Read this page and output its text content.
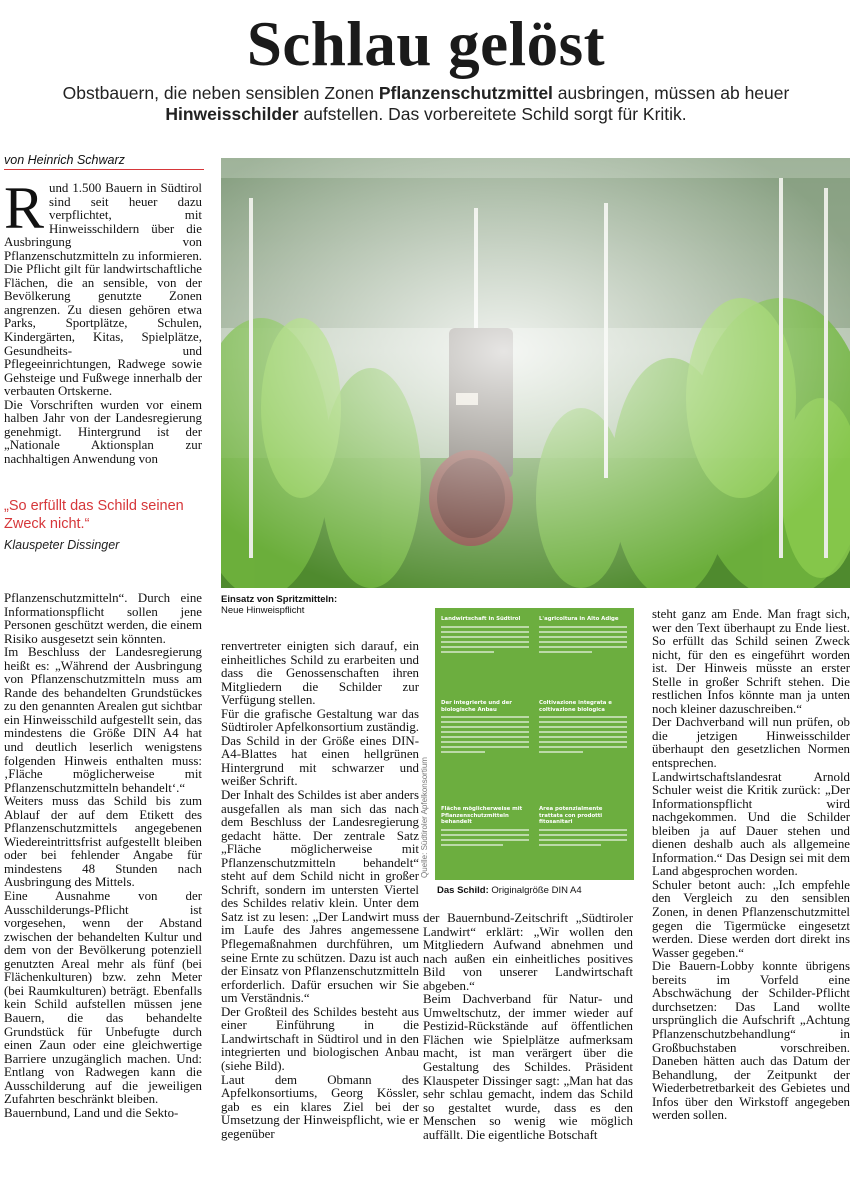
Schlau gelöst
Obstbauern, die neben sensiblen Zonen Pflanzenschutzmittel ausbringen, müssen ab heuer Hinweisschilder aufstellen. Das vorbereitete Schild sorgt für Kritik.
von Heinrich Schwarz

Rund 1.500 Bauern in Südtirol sind seit heuer dazu verpflichtet, mit Hinweisschildern über die Ausbringung von Pflanzenschutzmitteln zu informieren. Die Pflicht gilt für landwirtschaftliche Flächen, die an sensible, von der Bevölkerung genutzte Zonen angrenzen. Zu diesen gehören etwa Parks, Sportplätze, Schulen, Kindergärten, Kitas, Spielplätze, Gesundheits- und Pflegeeinrichtungen, Radwege sowie Gehsteige und Fußwege innerhalb der verbauten Ortskerne.

Die Vorschriften wurden vor einem halben Jahr von der Landesregierung genehmigt. Hintergrund ist der „Nationale Aktionsplan zur nachhaltigen Anwendung von

„So erfüllt das Schild seinen Zweck nicht.“
Klauspeter Dissinger

Pflanzenschutzmitteln“. Durch eine Informationspflicht sollen jene Personen geschützt werden, die einem Risiko ausgesetzt sein könnten.

Im Beschluss der Landesregierung heißt es: „Während der Ausbringung von Pflanzenschutzmitteln muss am Rande des behandelten Grundstückes zu den genannten Arealen gut sichtbar ein Hinweisschild aufgestellt sein, das mindestens die Größe DIN A4 hat und deutlich leserlich wenigstens folgenden Hinweis enthalten muss: ‚Fläche möglicherweise mit Pflanzenschutzmitteln behandelt‘.“

Weiters muss das Schild bis zum Ablauf der auf dem Etikett des Pflanzenschutzmittels angegebenen Wiedereintrittsfrist aufgestellt bleiben oder bei fehlender Angabe für mindestens 48 Stunden nach Ausbringung des Mittels.

Eine Ausnahme von der Ausschilderungs-Pflicht ist vorgesehen, wenn der Abstand zwischen der behandelten Kultur und dem von der Bevölkerung potenziell genutzten Areal mehr als fünf (bei Flächenkulturen) bzw. zehn Meter (bei Raumkulturen) beträgt. Ebenfalls kein Schild aufstellen müssen jene Bauern, die das behandelte Grundstück für Unbefugte durch einen Zaun oder eine gleichwertige Barriere unzugänglich machen. Und: Entlang von Radwegen kann die Ausschilderung auf die jeweiligen Zufahrten beschränkt bleiben.

Bauernbund, Land und die Sekto-

Einsatz von Spritzmitteln:
Neue Hinweispflicht

renvertreter einigten sich darauf, ein einheitliches Schild zu erarbeiten und dass die Genossenschaften ihren Mitgliedern die Schilder zur Verfügung stellen.

Für die grafische Gestaltung war das Südtiroler Apfelkonsortium zuständig. Das Schild in der Größe eines DIN-A4-Blattes hat einen hellgrünen Hintergrund mit schwarzer und weißer Schrift.

Der Inhalt des Schildes ist aber anders ausgefallen als man sich das nach dem Beschluss der Landesregierung gedacht hätte. Der zentrale Satz „Fläche möglicherweise mit Pflanzenschutzmitteln behandelt“ steht auf dem Schild nicht in großer Schrift, sondern im untersten Viertel des Schildes relativ klein. Unter dem Satz ist zu lesen: „Der Landwirt muss im Laufe des Jahres angemessene Pflegemaßnahmen durchführen, um seine Ernte zu schützen. Dazu ist auch der Einsatz von Pflanzenschutzmitteln erforderlich. Dafür ersuchen wir Sie um Verständnis.“

Der Großteil des Schildes besteht aus einer Einführung in die Landwirtschaft in Südtirol und in den integrierten und biologischen Anbau (siehe Bild).

Laut dem Obmann des Apfelkonsortiums, Georg Kössler, gab es ein klares Ziel bei der Umsetzung der Hinweispflicht, wie er gegenüber

Quelle: Südtiroler Apfelkonsortium
Landwirtschaft in Südtirol	L'agricoltura in Alto Adige
Der integrierte und der biologische Anbau
Coltivazione integrata e coltivazione biologica
Fläche möglicherweise mit Pflanzenschutzmitteln behandelt
Area potenzialmente trattata con prodotti fitosanitari
Das Schild: Originalgröße DIN A4

der Bauernbund-Zeitschrift „Südtiroler Landwirt“ erklärt: „Wir wollen den Mitgliedern Aufwand abnehmen und nach außen ein einheitliches positives Bild von unserer Landwirtschaft abgeben.“

Beim Dachverband für Natur- und Umweltschutz, der immer wieder auf Pestizid-Rückstände auf öffentlichen Flächen wie Spielplätze aufmerksam macht, ist man verärgert über die Gestaltung des Schildes. Präsident Klauspeter Dissinger sagt: „Man hat das sehr schlau gemacht, indem das Schild so gestaltet wurde, dass es den Menschen so wenig wie möglich auffällt. Die eigentliche Botschaft

steht ganz am Ende. Man fragt sich, wer den Text überhaupt zu Ende liest. So erfüllt das Schild seinen Zweck nicht, für den es eingeführt worden ist. Der Hinweis müsste an erster Stelle in großer Schrift stehen. Die restlichen Infos könnte man ja unten noch kleiner dazuschreiben.“

Der Dachverband will nun prüfen, ob die jetzigen Hinweisschilder überhaupt den gesetzlichen Normen entsprechen.

Landwirtschaftslandesrat Arnold Schuler weist die Kritik zurück: „Der Informationspflicht wird nachgekommen. Und die Schilder bleiben ja auf Dauer stehen und dienen deshalb auch als allgemeine Information.“ Das Design sei mit dem Land abgesprochen worden.

Schuler betont auch: „Ich empfehle den Vergleich zu den sensiblen Zonen, in denen Pflanzenschutzmittel gegen die Tigermücke eingesetzt werden. Diese werden dort direkt ins Wasser gegeben.“

Die Bauern-Lobby konnte übrigens bereits im Vorfeld eine Abschwächung der Schilder-Pflicht durchsetzen: Das Land wollte ursprünglich die Aufschrift „Achtung Pflanzenschutzbehandlung“ in Großbuchstaben vorschreiben. Daneben hätten auch das Datum der Behandlung, der Zeitpunkt der Wiederbetretbarkeit des Gebietes und Infos über den Wirkstoff angegeben werden sollen.
